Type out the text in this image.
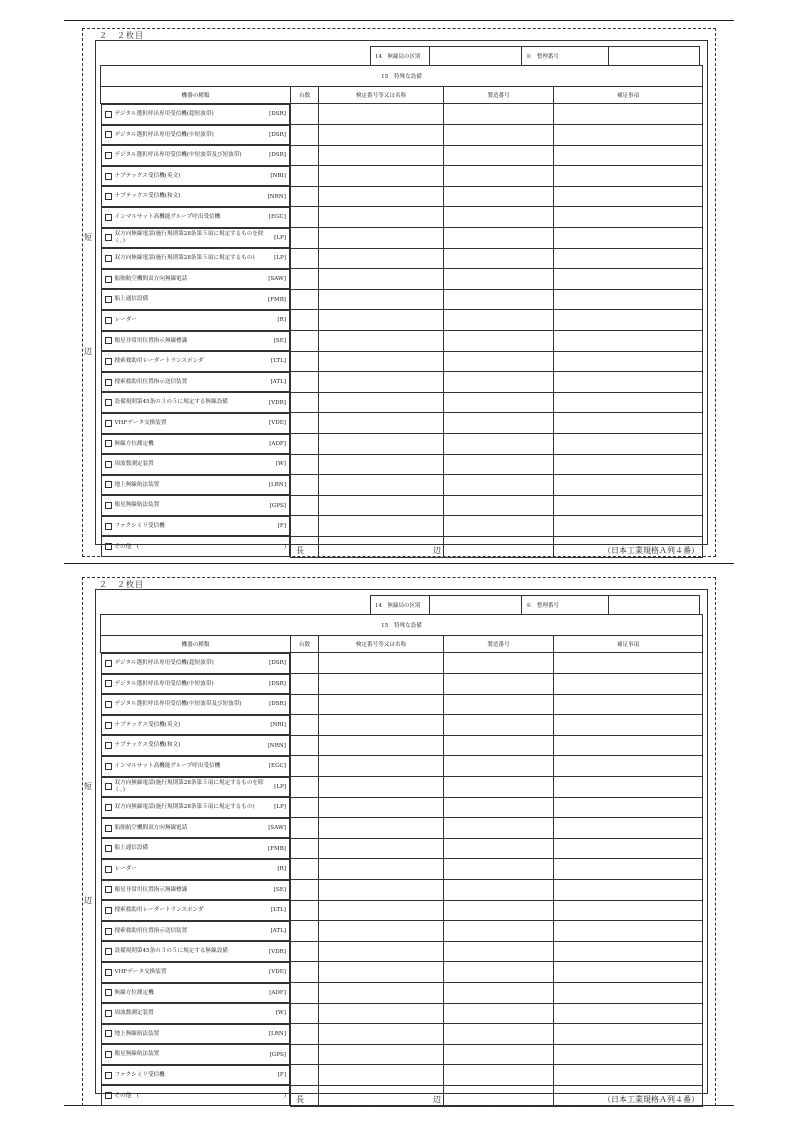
２　２枚目
14　無線局の区別		※　整理番号	
15　特殊な設備				
機器の種類	台数	検定番号等又は名称	製造番号	補足事項

デジタル選択呼出専用受信機(超短波帯)	[DSR]

デジタル選択呼出専用受信機(中短波帯)	[DSR]

デジタル選択呼出専用受信機(中短波帯及び短波帯)	[DSR]

ナブテックス受信機(英文)	[NRI]

ナブテックス受信機(和文)	[NRN]

インマルサット高機能グループ呼出受信機	[EGC]

双方向無線電話(施行規則第28条第５項に規定するものを除く。)	[LP]

双方向無線電話(施行規則第28条第５項に規定するもの)	[LP]

船舶航空機間双方向無線電話	[SAW]

船上通信設備	[FMB]

レーダー	[R]

衛星非常用位置指示無線標識	[SE]

捜索救助用レーダートランスポンダ	[LTL]

捜索救助用位置指示送信装置	[ATL]

設備規則第45条の３の５に規定する無線設備	[VDR]

VHFデータ交換装置	[VDE]

無線方位測定機	[ADF]

周波数測定装置	[W]

地上無線航法装置	[LRN]

衛星無線航法装置	[GPS]

ファクシミリ受信機	[F]

その他　(	)

短
辺
長	辺	（日本工業規格Ａ列４番）
２　２枚目
14　無線局の区別		※　整理番号	
15　特殊な設備				
機器の種類	台数	検定番号等又は名称	製造番号	補足事項

デジタル選択呼出専用受信機(超短波帯)	[DSR]

デジタル選択呼出専用受信機(中短波帯)	[DSR]

デジタル選択呼出専用受信機(中短波帯及び短波帯)	[DSR]

ナブテックス受信機(英文)	[NRI]

ナブテックス受信機(和文)	[NRN]

インマルサット高機能グループ呼出受信機	[EGC]

双方向無線電話(施行規則第28条第５項に規定するものを除く。)	[LP]

双方向無線電話(施行規則第28条第５項に規定するもの)	[LP]

船舶航空機間双方向無線電話	[SAW]

船上通信設備	[FMB]

レーダー	[R]

衛星非常用位置指示無線標識	[SE]

捜索救助用レーダートランスポンダ	[LTL]

捜索救助用位置指示送信装置	[ATL]

設備規則第45条の３の５に規定する無線設備	[VDR]

VHFデータ交換装置	[VDE]

無線方位測定機	[ADF]

周波数測定装置	[W]

地上無線航法装置	[LRN]

衛星無線航法装置	[GPS]

ファクシミリ受信機	[F]

その他　(	)

短
辺
長	辺	（日本工業規格Ａ列４番）
